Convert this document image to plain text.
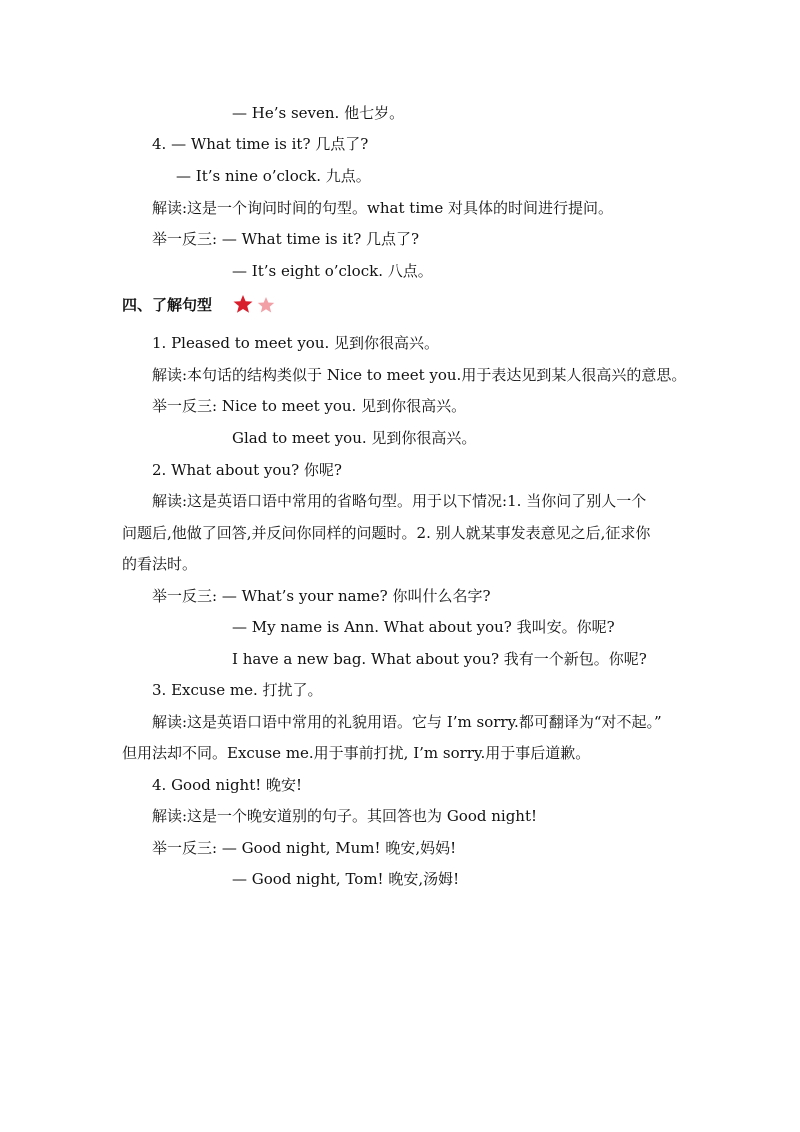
— He’s seven. 他七岁。
4. — What time is it? 几点了?
— It’s nine o’clock. 九点。
解读:这是一个询问时间的句型。what time 对具体的时间进行提问。
举一反三: — What time is it? 几点了?
— It’s eight o’clock. 八点。
四、了解句型
1. Pleased to meet you. 见到你很高兴。
解读:本句话的结构类似于 Nice to meet you.用于表达见到某人很高兴的意思。
举一反三: Nice to meet you. 见到你很高兴。
Glad to meet you. 见到你很高兴。
2. What about you? 你呢?
解读:这是英语口语中常用的省略句型。用于以下情况:1. 当你问了别人一个
问题后,他做了回答,并反问你同样的问题时。2. 别人就某事发表意见之后,征求你
的看法时。
举一反三: — What’s your name? 你叫什么名字?
— My name is Ann. What about you? 我叫安。你呢?
I have a new bag. What about you? 我有一个新包。你呢?
3. Excuse me. 打扰了。
解读:这是英语口语中常用的礼貌用语。它与 I’m sorry.都可翻译为“对不起。”
但用法却不同。Excuse me.用于事前打扰, I’m sorry.用于事后道歉。
4. Good night! 晚安!
解读:这是一个晚安道别的句子。其回答也为 Good night!
举一反三: — Good night, Mum! 晚安,妈妈!
— Good night, Tom! 晚安,汤姆!
